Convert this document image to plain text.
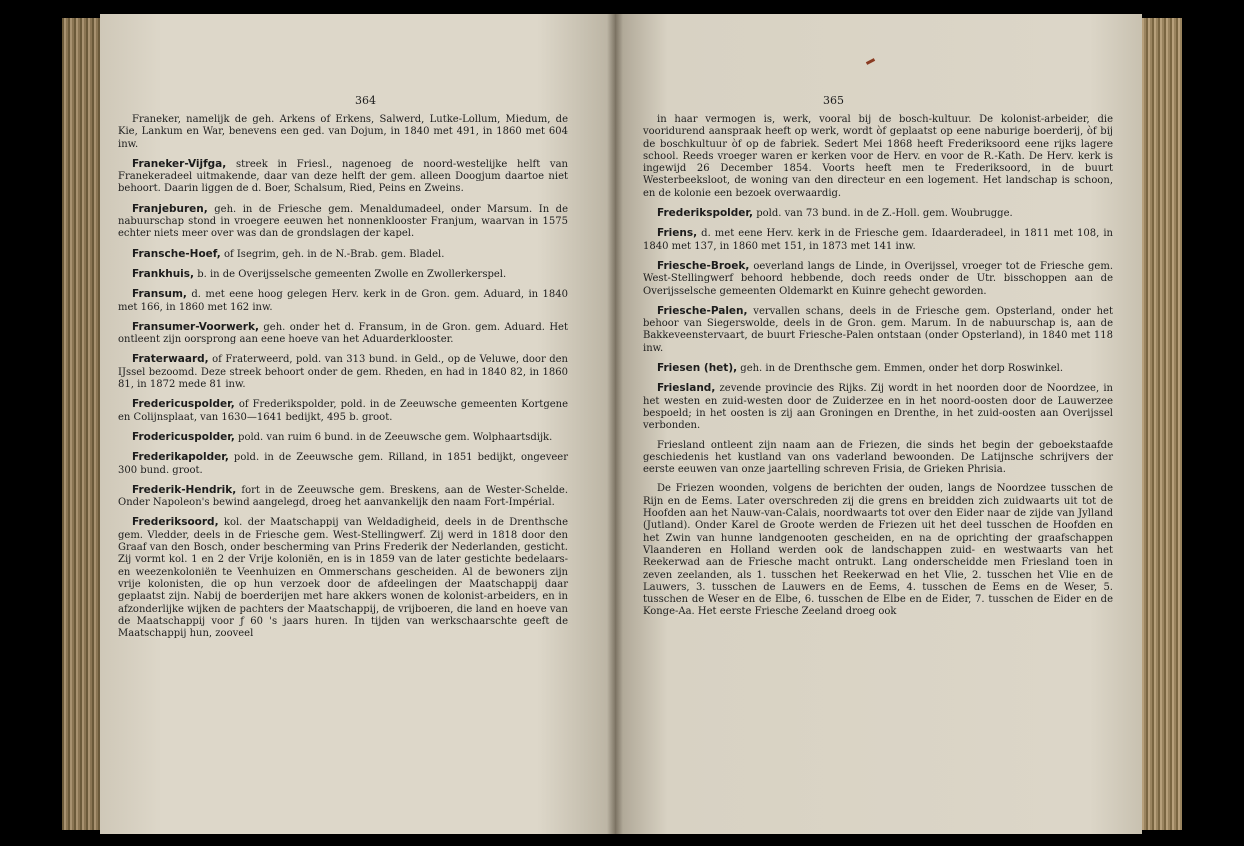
364

Franeker, namelijk de geh. Arkens of Erkens, Salwerd, Lutke-Lollum, Miedum, de Kie, Lankum en War, benevens een ged. van Dojum, in 1840 met 491, in 1860 met 604 inw.

Franeker-Vijfga, streek in Friesl., nagenoeg de noord-westelijke helft van Franekeradeel uitmakende, daar van deze helft der gem. alleen Doogjum daartoe niet behoort. Daarin liggen de d. Boer, Schalsum, Ried, Peins en Zweins.

Franjeburen, geh. in de Friesche gem. Menaldumadeel, onder Marsum. In de nabuurschap stond in vroegere eeuwen het nonnenklooster Franjum, waarvan in 1575 echter niets meer over was dan de grondslagen der kapel.

Fransche-Hoef, of Isegrim, geh. in de N.-Brab. gem. Bladel.

Frankhuis, b. in de Overijsselsche gemeenten Zwolle en Zwollerkerspel.

Fransum, d. met eene hoog gelegen Herv. kerk in de Gron. gem. Aduard, in 1840 met 166, in 1860 met 162 inw.

Fransumer-Voorwerk, geh. onder het d. Fransum, in de Gron. gem. Aduard. Het ontleent zijn oorsprong aan eene hoeve van het Aduarderklooster.

Fraterwaard, of Fraterweerd, pold. van 313 bund. in Geld., op de Veluwe, door den IJssel bezoomd. Deze streek behoort onder de gem. Rheden, en had in 1840 82, in 1860 81, in 1872 mede 81 inw.

Fredericuspolder, of Frederikspolder, pold. in de Zeeuwsche gemeenten Kortgene en Colijnsplaat, van 1630—1641 bedijkt, 495 b. groot.

Frodericuspolder, pold. van ruim 6 bund. in de Zeeuwsche gem. Wolphaartsdijk.

Frederikapolder, pold. in de Zeeuwsche gem. Rilland, in 1851 bedijkt, ongeveer 300 bund. groot.

Frederik-Hendrik, fort in de Zeeuwsche gem. Breskens, aan de Wester-Schelde. Onder Napoleon's bewind aangelegd, droeg het aanvankelijk den naam Fort-Impérial.

Frederiksoord, kol. der Maatschappij van Weldadigheid, deels in de Drenthsche gem. Vledder, deels in de Friesche gem. West-Stellingwerf. Zij werd in 1818 door den Graaf van den Bosch, onder bescherming van Prins Frederik der Nederlanden, gesticht. Zij vormt kol. 1 en 2 der Vrije koloniën, en is in 1859 van de later gestichte bedelaars- en weezenkoloniën te Veenhuizen en Ommerschans gescheiden. Al de bewoners zijn vrije kolonisten, die op hun verzoek door de afdeelingen der Maatschappij daar geplaatst zijn. Nabij de boerderijen met hare akkers wonen de kolonist-arbeiders, en in afzonderlijke wijken de pachters der Maatschappij, de vrijboeren, die land en hoeve van de Maatschappij voor ƒ 60 's jaars huren. In tijden van werkschaarschte geeft de Maatschappij hun, zooveel

365

in haar vermogen is, werk, vooral bij de bosch-kultuur. De kolonist-arbeider, die vooridurend aanspraak heeft op werk, wordt òf geplaatst op eene naburige boerderij, òf bij de boschkultuur òf op de fabriek. Sedert Mei 1868 heeft Frederiksoord eene rijks lagere school. Reeds vroeger waren er kerken voor de Herv. en voor de R.-Kath. De Herv. kerk is ingewijd 26 December 1854. Voorts heeft men te Frederiksoord, in de buurt Westerbeeksloot, de woning van den directeur en een logement. Het landschap is schoon, en de kolonie een bezoek overwaardig.

Frederikspolder, pold. van 73 bund. in de Z.-Holl. gem. Woubrugge.

Friens, d. met eene Herv. kerk in de Friesche gem. Idaarderadeel, in 1811 met 108, in 1840 met 137, in 1860 met 151, in 1873 met 141 inw.

Friesche-Broek, oeverland langs de Linde, in Overijssel, vroeger tot de Friesche gem. West-Stellingwerf behoord hebbende, doch reeds onder de Utr. bisschoppen aan de Overijsselsche gemeenten Oldemarkt en Kuinre gehecht geworden.

Friesche-Palen, vervallen schans, deels in de Friesche gem. Opsterland, onder het behoor van Siegerswolde, deels in de Gron. gem. Marum. In de nabuurschap is, aan de Bakkeveenstervaart, de buurt Friesche-Palen ontstaan (onder Opsterland), in 1840 met 118 inw.

Friesen (het), geh. in de Drenthsche gem. Emmen, onder het dorp Roswinkel.

Friesland, zevende provincie des Rijks. Zij wordt in het noorden door de Noordzee, in het westen en zuid-westen door de Zuiderzee en in het noord-oosten door de Lauwerzee bespoeld; in het oosten is zij aan Groningen en Drenthe, in het zuid-oosten aan Overijssel verbonden.

Friesland ontleent zijn naam aan de Friezen, die sinds het begin der geboekstaafde geschiedenis het kustland van ons vaderland bewoonden. De Latijnsche schrijvers der eerste eeuwen van onze jaartelling schreven Frisia, de Grieken Phrisia.

De Friezen woonden, volgens de berichten der ouden, langs de Noordzee tusschen de Rijn en de Eems. Later overschreden zij die grens en breidden zich zuidwaarts uit tot de Hoofden aan het Nauw-van-Calais, noordwaarts tot over den Eider naar de zijde van Jylland (Jutland). Onder Karel de Groote werden de Friezen uit het deel tusschen de Hoofden en het Zwin van hunne landgenooten gescheiden, en na de oprichting der graafschappen Vlaanderen en Holland werden ook de landschappen zuid- en westwaarts van het Reekerwad aan de Friesche macht ontrukt. Lang onderscheidde men Friesland toen in zeven zeelanden, als 1. tusschen het Reekerwad en het Vlie, 2. tusschen het Vlie en de Lauwers, 3. tusschen de Lauwers en de Eems, 4. tusschen de Eems en de Weser, 5. tusschen de Weser en de Elbe, 6. tusschen de Elbe en de Eider, 7. tusschen de Eider en de Konge-Aa. Het eerste Friesche Zeeland droeg ook
